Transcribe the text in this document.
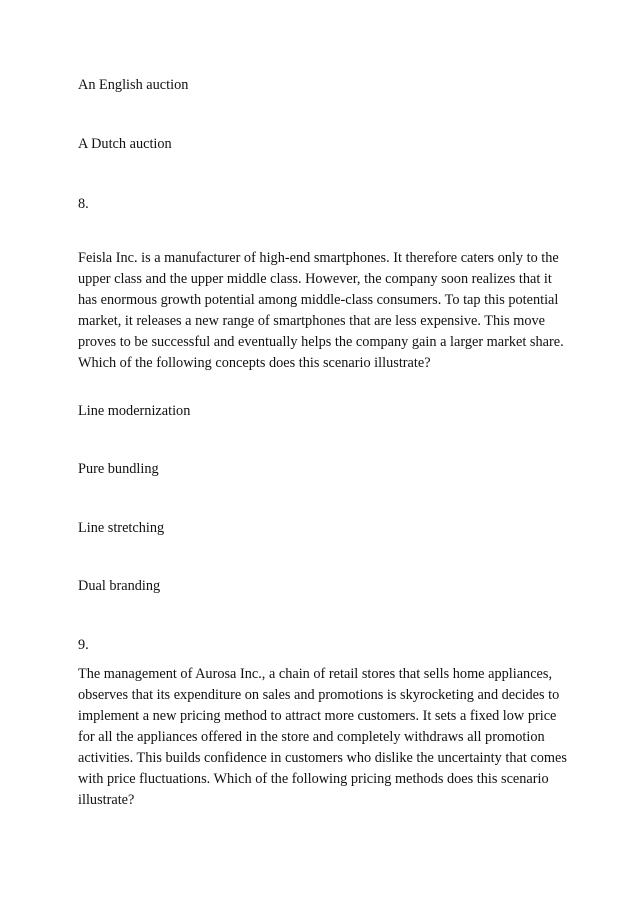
An English auction

A Dutch auction

8.

Feisla Inc. is a manufacturer of high-end smartphones. It therefore caters only to the upper class and the upper middle class. However, the company soon realizes that it has enormous growth potential among middle-class consumers. To tap this potential market, it releases a new range of smartphones that are less expensive. This move proves to be successful and eventually helps the company gain a larger market share. Which of the following concepts does this scenario illustrate?

Line modernization

Pure bundling

Line stretching

Dual branding

9.

The management of Aurosa Inc., a chain of retail stores that sells home appliances, observes that its expenditure on sales and promotions is skyrocketing and decides to implement a new pricing method to attract more customers. It sets a fixed low price for all the appliances offered in the store and completely withdraws all promotion activities. This builds confidence in customers who dislike the uncertainty that comes with price fluctuations. Which of the following pricing methods does this scenario illustrate?
